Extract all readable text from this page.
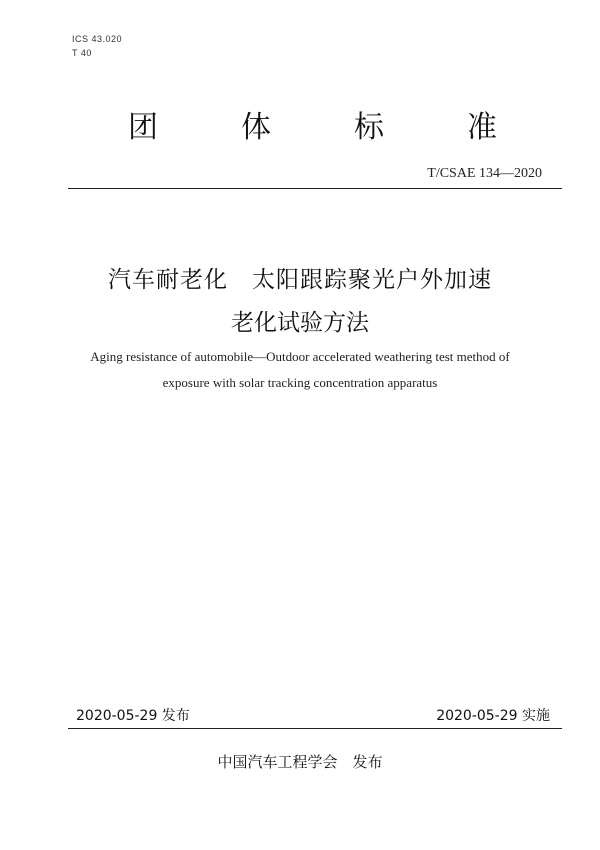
ICS 43.020
T 40
团	体	标	准
T/CSAE 134—2020
汽车耐老化　太阳跟踪聚光户外加速
老化试验方法
Aging resistance of automobile—Outdoor accelerated weathering test method of
exposure with solar tracking concentration apparatus
2020-05-29 发布	2020-05-29 实施
中国汽车工程学会　发布
